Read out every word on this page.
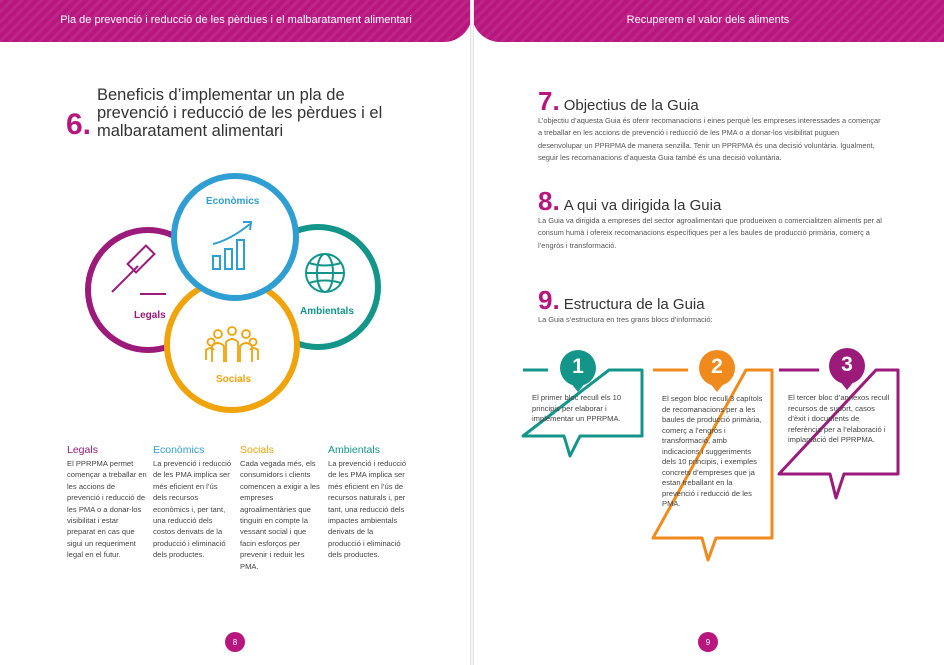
Pla de prevenció i reducció de les pèrdues i el malbaratament alimentari
6.
Beneficis d’implementar un pla de prevenció i reducció de les pèrdues i el malbaratament alimentari
Econòmics
Legals	Ambientals
Socials
Legals

El PPRPMA permet començar a treballar en les accions de prevenció i reducció de les PMA o a donar-los visibilitat i estar preparat en cas que sigui un requeriment legal en el futur.

Econòmics

La prevenció i reducció de les PMA implica ser més eficient en l’ús dels recursos econòmics i, per tant, una reducció dels costos derivats de la producció i eliminació dels productes.

Socials

Cada vegada més, els consumidors i clients comencen a exigir a les empreses agroalimentàries que tinguin en compte la vessant social i que facin esforços per prevenir i reduir les PMA.

Ambientals

La prevenció i reducció de les PMA implica ser més eficient en l’ús de recursos naturals i, per tant, una reducció dels impactes ambientals derivats de la producció i eliminació dels productes.

8
Recuperem el valor dels aliments
7. Objectius de la Guia

L’objectiu d’aquesta Guia és oferir recomanacions i eines perquè les empreses interessades a començar a treballar en les accions de prevenció i reducció de les PMA o a donar-los visibilitat puguen desenvolupar un PPRPMA de manera senzilla. Tenir un PPRPMA és una decisió voluntària. Igualment, seguir les recomanacions d’aquesta Guia també és una decisió voluntària.

8. A qui va dirigida la Guia

La Guia va dirigida a empreses del sector agroalimentari que produeixen o comercialitzen aliments per al consum humà i ofereix recomanacions específiques per a les baules de producció primària, comerç a l’engròs i transformació.

9. Estructura de la Guia

La Guia s’estructura en tres grans blocs d’informació:

1
El primer bloc recull els 10 principis per elaborar i implementar un PPRPMA.
2
El segon bloc recull 3 capítols de recomanacions per a les baules de producció primària, comerç a l’engròs i transformació, amb indicacions i suggeriments dels 10 principis, i exemples concrets d’empreses que ja estan treballant en la prevenció i reducció de les PMA.
3
El tercer bloc d’annexos recull recursos de suport, casos d’èxit i documents de referència per a l’elaboració i implantació del PPRPMA.
9
